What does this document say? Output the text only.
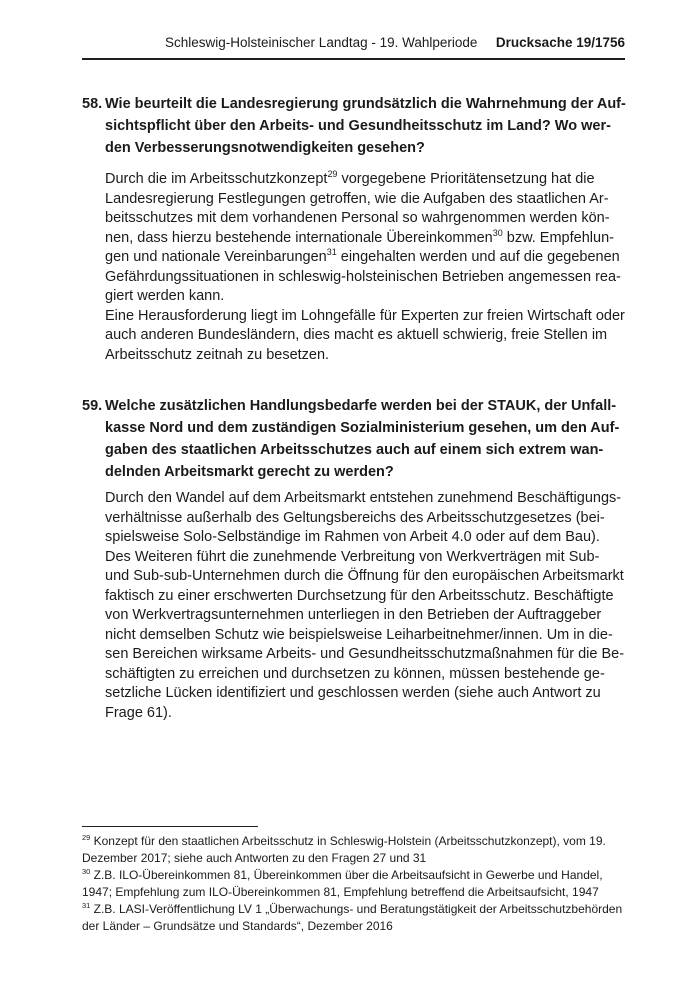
Schleswig-Holsteinischer Landtag - 19. Wahlperiode Drucksache 19/1756
58. Wie beurteilt die Landesregierung grundsätzlich die Wahrnehmung der Auf-
sichtspflicht über den Arbeits- und Gesundheitsschutz im Land? Wo wer-
den Verbesserungsnotwendigkeiten gesehen?
Durch die im Arbeitsschutzkonzept$^{29}$ vorgegebene Prioritätensetzung hat die
Landesregierung Festlegungen getroffen, wie die Aufgaben des staatlichen Ar-
beitsschutzes mit dem vorhandenen Personal so wahrgenommen werden kön-
nen, dass hierzu bestehende internationale Übereinkommen$^{30}$ bzw. Empfehlun-
gen und nationale Vereinbarungen$^{31}$ eingehalten werden und auf die gegebenen
Gefährdungssituationen in schleswig-holsteinischen Betrieben angemessen rea-
giert werden kann.
Eine Herausforderung liegt im Lohngefälle für Experten zur freien Wirtschaft oder
auch anderen Bundesländern, dies macht es aktuell schwierig, freie Stellen im
Arbeitsschutz zeitnah zu besetzen.
59. Welche zusätzlichen Handlungsbedarfe werden bei der STAUK, der Unfall-
kasse Nord und dem zuständigen Sozialministerium gesehen, um den Auf-
gaben des staatlichen Arbeitsschutzes auch auf einem sich extrem wan-
delnden Arbeitsmarkt gerecht zu werden?
Durch den Wandel auf dem Arbeitsmarkt entstehen zunehmend Beschäftigungs-
verhältnisse außerhalb des Geltungsbereichs des Arbeitsschutzgesetzes (bei-
spielsweise Solo-Selbständige im Rahmen von Arbeit 4.0 oder auf dem Bau).
Des Weiteren führt die zunehmende Verbreitung von Werkverträgen mit Sub-
und Sub-sub-Unternehmen durch die Öffnung für den europäischen Arbeitsmarkt
faktisch zu einer erschwerten Durchsetzung für den Arbeitsschutz. Beschäftigte
von Werkvertragsunternehmen unterliegen in den Betrieben der Auftraggeber
nicht demselben Schutz wie beispielsweise Leiharbeitnehmer/innen. Um in die-
sen Bereichen wirksame Arbeits- und Gesundheitsschutzmaßnahmen für die Be-
schäftigten zu erreichen und durchsetzen zu können, müssen bestehende ge-
setzliche Lücken identifiziert und geschlossen werden (siehe auch Antwort zu
Frage 61).
$^{29}$ Konzept für den staatlichen Arbeitsschutz in Schleswig-Holstein (Arbeitsschutzkonzept), vom 19.
Dezember 2017; siehe auch Antworten zu den Fragen 27 und 31
$^{30}$ Z.B. ILO-Übereinkommen 81, Übereinkommen über die Arbeitsaufsicht in Gewerbe und Handel,
1947; Empfehlung zum ILO-Übereinkommen 81, Empfehlung betreffend die Arbeitsaufsicht, 1947
$^{31}$ Z.B. LASI-Veröffentlichung LV 1 „Überwachungs- und Beratungstätigkeit der Arbeitsschutzbehörden
der Länder – Grundsätze und Standards“, Dezember 2016
